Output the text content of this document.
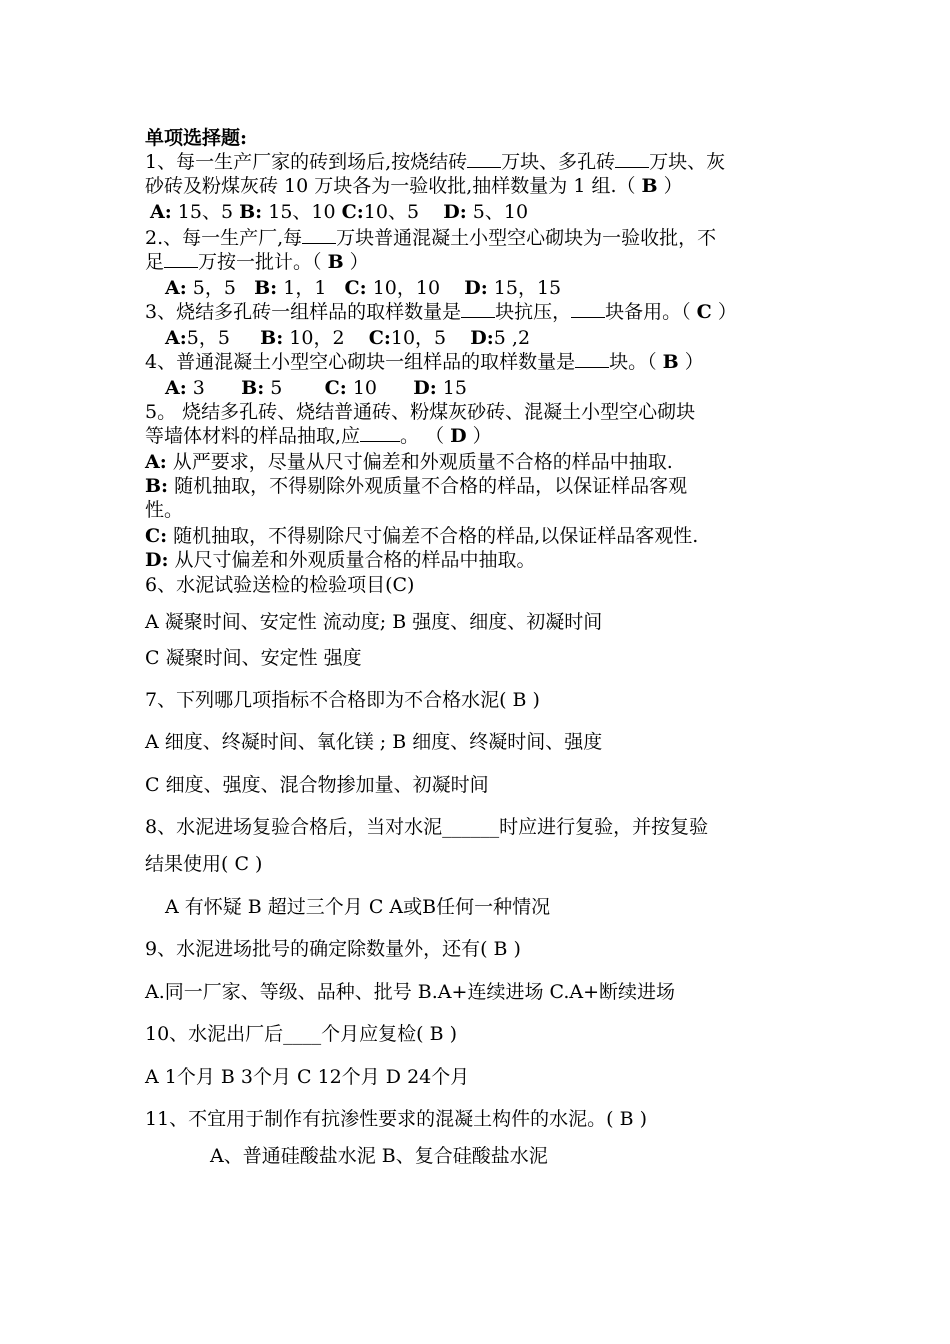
单项选择题:
1、每一生产厂家的砖到场后,按烧结砖 万块、多孔砖 万块、灰
砂砖及粉煤灰砖 10 万块各为一验收批,抽样数量为 1 组.（ B ）
A: 15、5 B: 15、10 C:10、5 D: 5、10
2.、每一生产厂,每 万块普通混凝土小型空心砌块为一验收批，不
足 万按一批计。（ B ）
A: 5，5 B: 1，1 C: 10，10 D: 15，15
3、烧结多孔砖一组样品的取样数量是 块抗压， 块备用。（ C ）
A:5，5 B: 10，2 C:10，5 D:5 ,2
4、普通混凝土小型空心砌块一组样品的取样数量是 块。（ B ）
A: 3 B: 5 C: 10 D: 15
5。 烧结多孔砖、烧结普通砖、粉煤灰砂砖、混凝土小型空心砌块
等墙体材料的样品抽取,应 。 （ D ）
A: 从严要求，尽量从尺寸偏差和外观质量不合格的样品中抽取.
B: 随机抽取，不得剔除外观质量不合格的样品，以保证样品客观
性。
C: 随机抽取，不得剔除尺寸偏差不合格的样品,以保证样品客观性.
D: 从尺寸偏差和外观质量合格的样品中抽取。
6、水泥试验送检的检验项目(C)
A 凝聚时间、安定性 流动度; B 强度、细度、初凝时间
C 凝聚时间、安定性 强度
7、下列哪几项指标不合格即为不合格水泥( B )
A 细度、终凝时间、氧化镁 ; B 细度、终凝时间、强度
C 细度、强度、混合物掺加量、初凝时间
8、水泥进场复验合格后，当对水泥______时应进行复验，并按复验
结果使用( C )
A 有怀疑 B 超过三个月 C A或B任何一种情况
9、水泥进场批号的确定除数量外，还有( B )
A.同一厂家、等级、品种、批号 B.A+连续进场 C.A+断续进场
10、水泥出厂后____个月应复检( B )
A 1个月 B 3个月 C 12个月 D 24个月
11、不宜用于制作有抗渗性要求的混凝土构件的水泥。( B )
A、普通硅酸盐水泥 B、复合硅酸盐水泥
